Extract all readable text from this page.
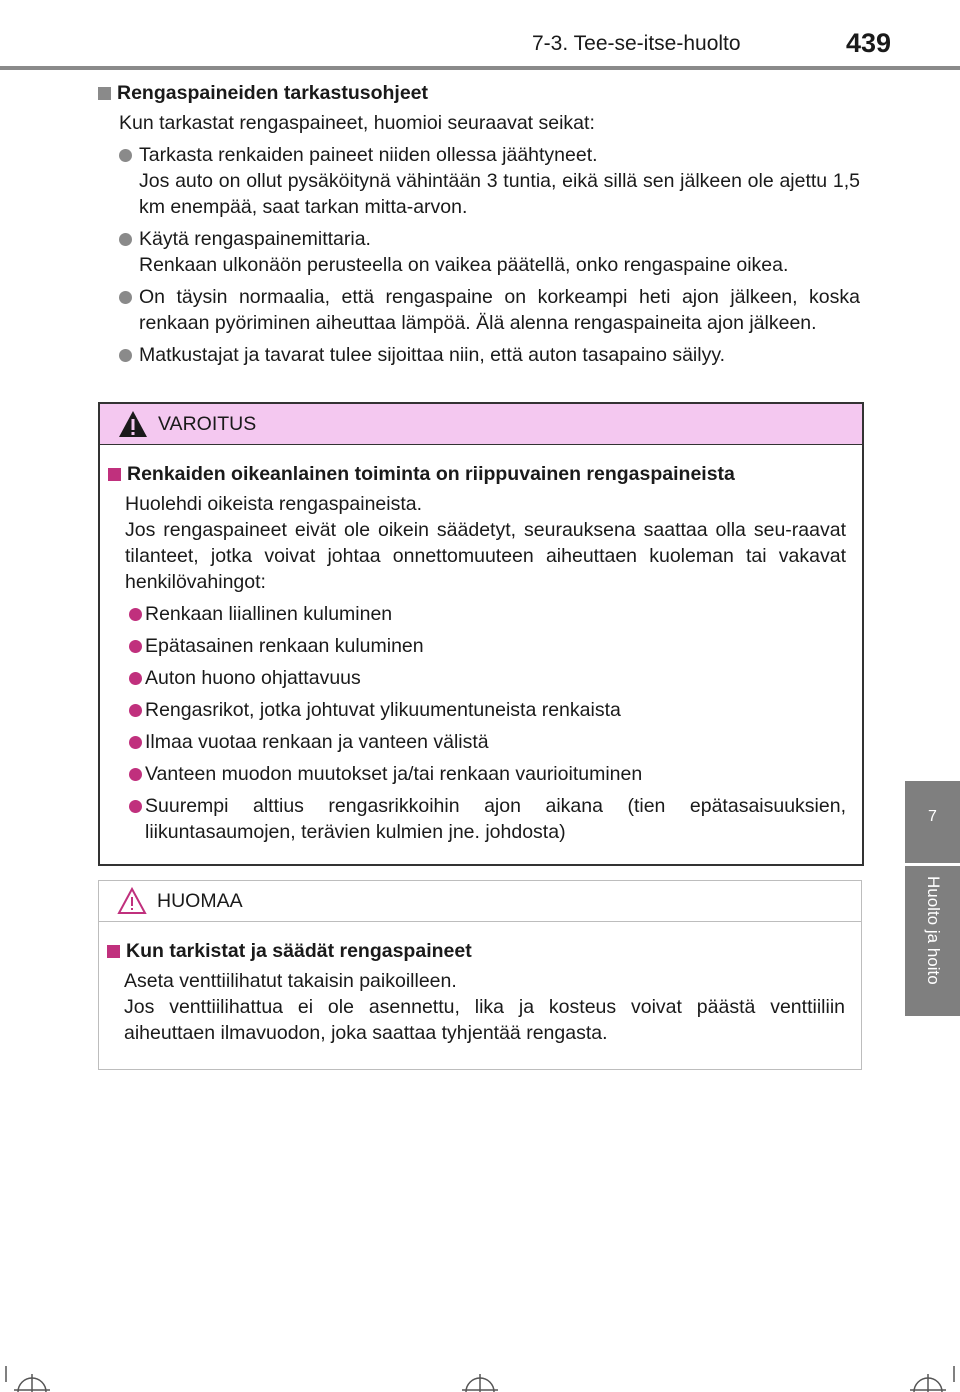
7-3. Tee-se-itse-huolto	439
7
Huolto ja hoito
Rengaspaineiden tarkastusohjeet
Kun tarkastat rengaspaineet, huomioi seuraavat seikat:
Tarkasta renkaiden paineet niiden ollessa jäähtyneet.
Jos auto on ollut pysäköitynä vähintään 3 tuntia, eikä sillä sen jälkeen ole ajettu 1,5 km enempää, saat tarkan mitta-arvon.
Käytä rengaspainemittaria.
Renkaan ulkonäön perusteella on vaikea päätellä, onko rengaspaine oikea.
On täysin normaalia, että rengaspaine on korkeampi heti ajon jälkeen, koska renkaan pyöriminen aiheuttaa lämpöä. Älä alenna rengaspaineita ajon jälkeen.
Matkustajat ja tavarat tulee sijoittaa niin, että auton tasapaino säilyy.
VAROITUS
Renkaiden oikeanlainen toiminta on riippuvainen rengaspaineista
Huolehdi oikeista rengaspaineista.
Jos rengaspaineet eivät ole oikein säädetyt, seurauksena saattaa olla seu-raavat tilanteet, jotka voivat johtaa onnettomuuteen aiheuttaen kuoleman tai vakavat henkilövahingot:
Renkaan liiallinen kuluminen
Epätasainen renkaan kuluminen
Auton huono ohjattavuus
Rengasrikot, jotka johtuvat ylikuumentuneista renkaista
Ilmaa vuotaa renkaan ja vanteen välistä
Vanteen muodon muutokset ja/tai renkaan vaurioituminen
Suurempi alttius rengasrikkoihin ajon aikana (tien epätasaisuuksien, liikuntasaumojen, terävien kulmien jne. johdosta)
HUOMAA
Kun tarkistat ja säädät rengaspaineet
Aseta venttiilihatut takaisin paikoilleen.
Jos venttiilihattua ei ole asennettu, lika ja kosteus voivat päästä venttiiliin aiheuttaen ilmavuodon, joka saattaa tyhjentää rengasta.
